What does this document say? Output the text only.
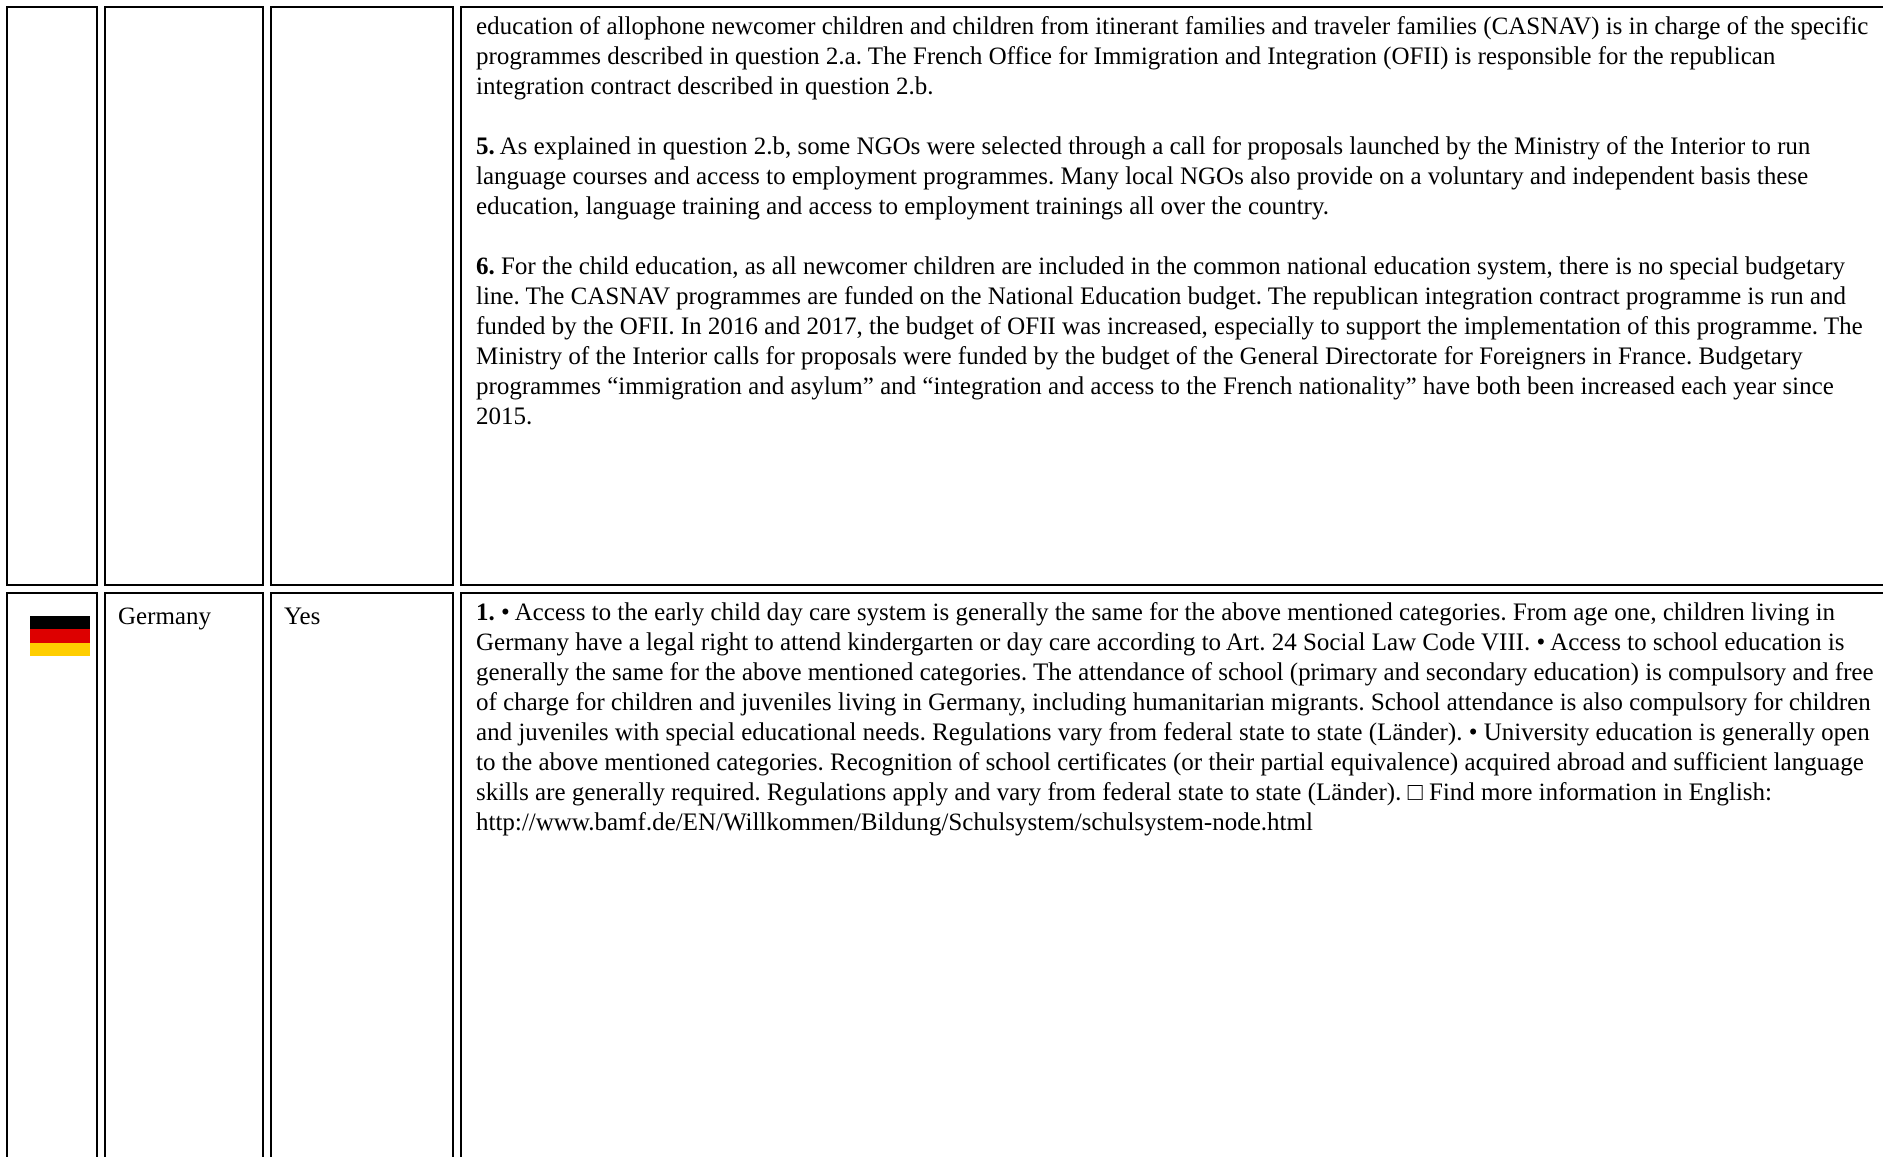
			education of allophone newcomer children and children from itinerant families and traveler families (CASNAV) is in charge of the specific programmes described in question 2.a. The French Office for Immigration and Integration (OFII) is responsible for the republican integration contract described in question 2.b.

5. As explained in question 2.b, some NGOs were selected through a call for proposals launched by the Ministry of the Interior to run language courses and access to employment programmes. Many local NGOs also provide on a voluntary and independent basis these education, language training and access to employment trainings all over the country.

6. For the child education, as all newcomer children are included in the common national education system, there is no special budgetary line. The CASNAV programmes are funded on the National Education budget. The republican integration contract programme is run and funded by the OFII. In 2016 and 2017, the budget of OFII was increased, especially to support the implementation of this programme. The Ministry of the Interior calls for proposals were funded by the budget of the General Directorate for Foreigners in France. Budgetary programmes “immigration and asylum” and “integration and access to the French nationality” have both been increased each year since 2015.

	Germany	Yes	1. • Access to the early child day care system is generally the same for the above mentioned categories. From age one, children living in Germany have a legal right to attend kindergarten or day care according to Art. 24 Social Law Code VIII. • Access to school education is generally the same for the above mentioned categories. The attendance of school (primary and secondary education) is compulsory and free of charge for children and juveniles living in Germany, including humanitarian migrants. School attendance is also compulsory for children and juveniles with special educational needs. Regulations vary from federal state to state (Länder). • University education is generally open to the above mentioned categories. Recognition of school certificates (or their partial equivalence) acquired abroad and sufficient language skills are generally required. Regulations apply and vary from federal state to state (Länder). □ Find more information in English: http://www.bamf.de/EN/Willkommen/Bildung/Schulsystem/schulsystem-node.html
